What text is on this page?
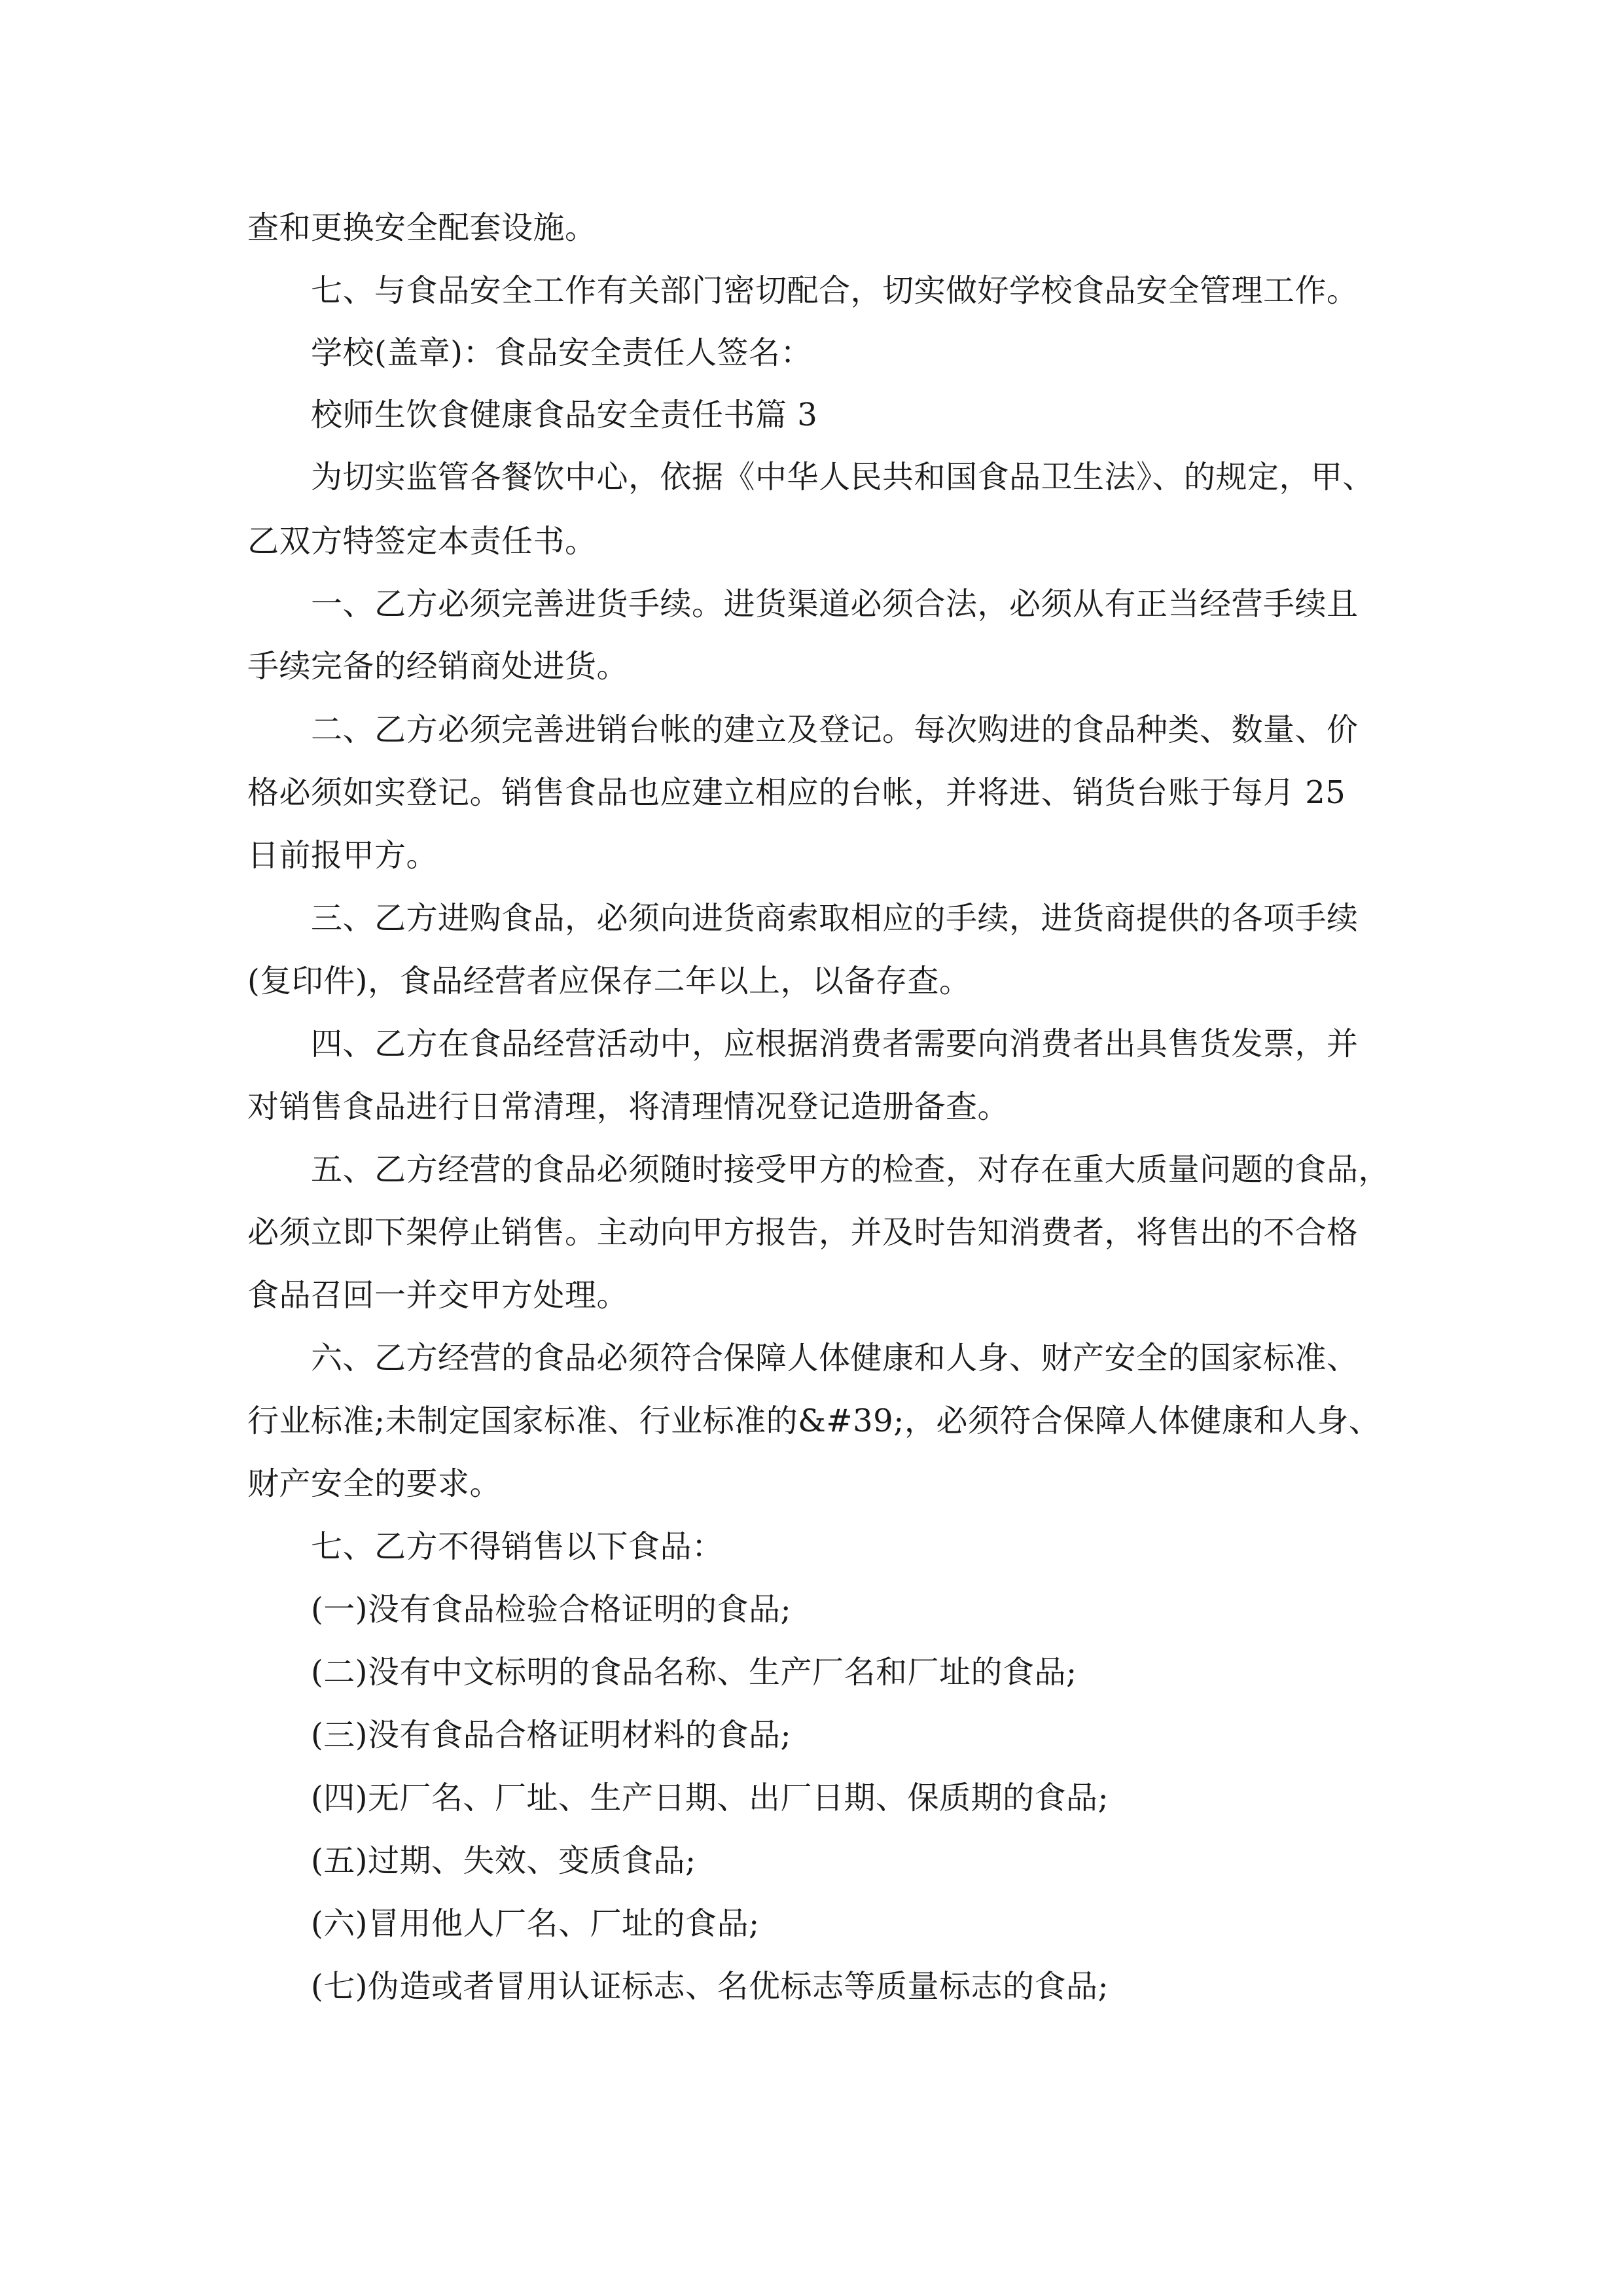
查和更换安全配套设施。

七、与食品安全工作有关部门密切配合，切实做好学校食品安全管理工作。

学校(盖章)：食品安全责任人签名：

校师生饮食健康食品安全责任书篇 3

为切实监管各餐饮中心，依据《中华人民共和国食品卫生法》、的规定，甲、

乙双方特签定本责任书。

一、乙方必须完善进货手续。进货渠道必须合法，必须从有正当经营手续且

手续完备的经销商处进货。

二、乙方必须完善进销台帐的建立及登记。每次购进的食品种类、数量、价

格必须如实登记。销售食品也应建立相应的台帐，并将进、销货台账于每月 25

日前报甲方。

三、乙方进购食品，必须向进货商索取相应的手续，进货商提供的各项手续

(复印件)，食品经营者应保存二年以上，以备存查。

四、乙方在食品经营活动中，应根据消费者需要向消费者出具售货发票，并

对销售食品进行日常清理，将清理情况登记造册备查。

五、乙方经营的食品必须随时接受甲方的检查，对存在重大质量问题的食品，

必须立即下架停止销售。主动向甲方报告，并及时告知消费者，将售出的不合格

食品召回一并交甲方处理。

六、乙方经营的食品必须符合保障人体健康和人身、财产安全的国家标准、

行业标准;未制定国家标准、行业标准的&#39;，必须符合保障人体健康和人身、

财产安全的要求。

七、乙方不得销售以下食品：

(一)没有食品检验合格证明的食品;

(二)没有中文标明的食品名称、生产厂名和厂址的食品;

(三)没有食品合格证明材料的食品;

(四)无厂名、厂址、生产日期、出厂日期、保质期的食品;

(五)过期、失效、变质食品;

(六)冒用他人厂名、厂址的食品;

(七)伪造或者冒用认证标志、名优标志等质量标志的食品;
